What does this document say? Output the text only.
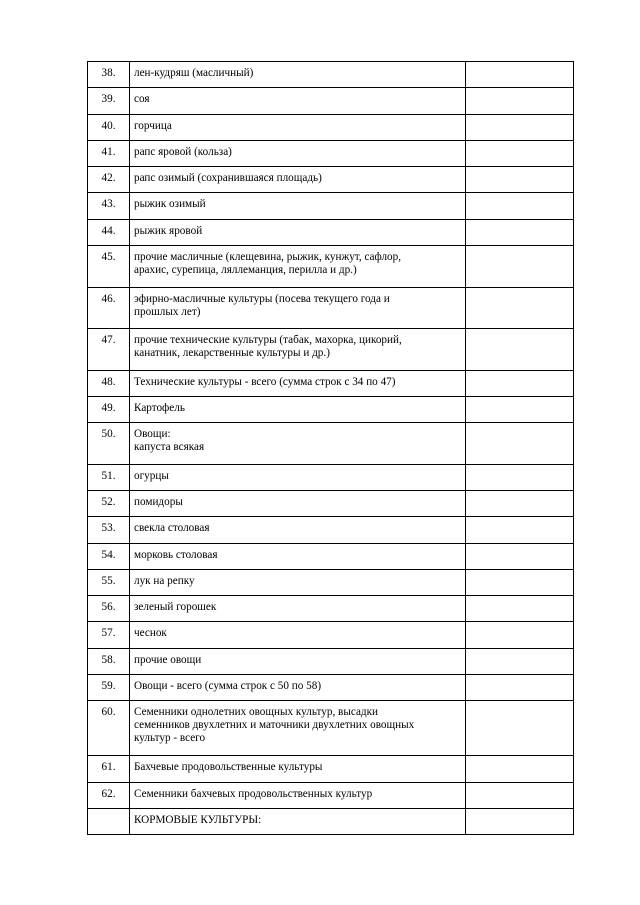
38.	лен-кудряш (масличный)	

39.	соя	

40.	горчица	

41.	рапс яровой (кольза)	

42.	рапс озимый (сохранившаяся площадь)	

43.	рыжик озимый	

44.	рыжик яровой	

45.	прочие масличные (клещевина, рыжик, кунжут, сафлор,
арахис, сурепица, ляллеманция, перилла и др.)	

46.	эфирно-масличные культуры (посева текущего года и
прошлых лет)	

47.	прочие технические культуры (табак, махорка, цикорий,
канатник, лекарственные культуры и др.)	

48.	Технические культуры - всего (сумма строк с 34 по 47)	

49.	Картофель	

50.	Овощи:
капуста всякая	

51.	огурцы	

52.	помидоры	

53.	свекла столовая	

54.	морковь столовая	

55.	лук на репку	

56.	зеленый горошек	

57.	чеснок	

58.	прочие овощи	

59.	Овощи - всего (сумма строк с 50 по 58)	

60.	Семенники однолетних овощных культур, высадки
семенников двухлетних и маточники двухлетних овощных
культур - всего	

61.	Бахчевые продовольственные культуры	

62.	Семенники бахчевых продовольственных культур	

	КОРМОВЫЕ КУЛЬТУРЫ:	
